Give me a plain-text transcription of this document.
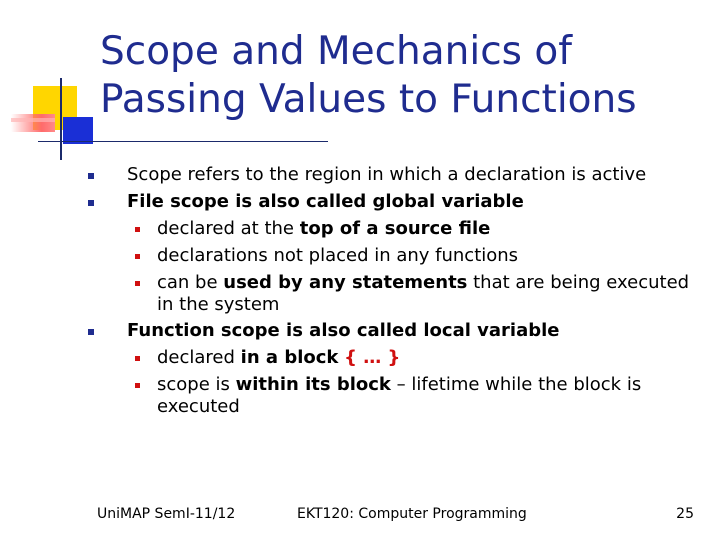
Scope and Mechanics of
Passing Values to Functions
Scope refers to the region in which a declaration is active
File scope is also called global variable
declared at the top of a source file
declarations not placed in any functions
can be used by any statements that are being executed in the system
Function scope is also called local variable
declared in a block { … }
scope is within its block – lifetime while the block is executed
UniMAP SemI-11/12	EKT120: Computer Programming	25
